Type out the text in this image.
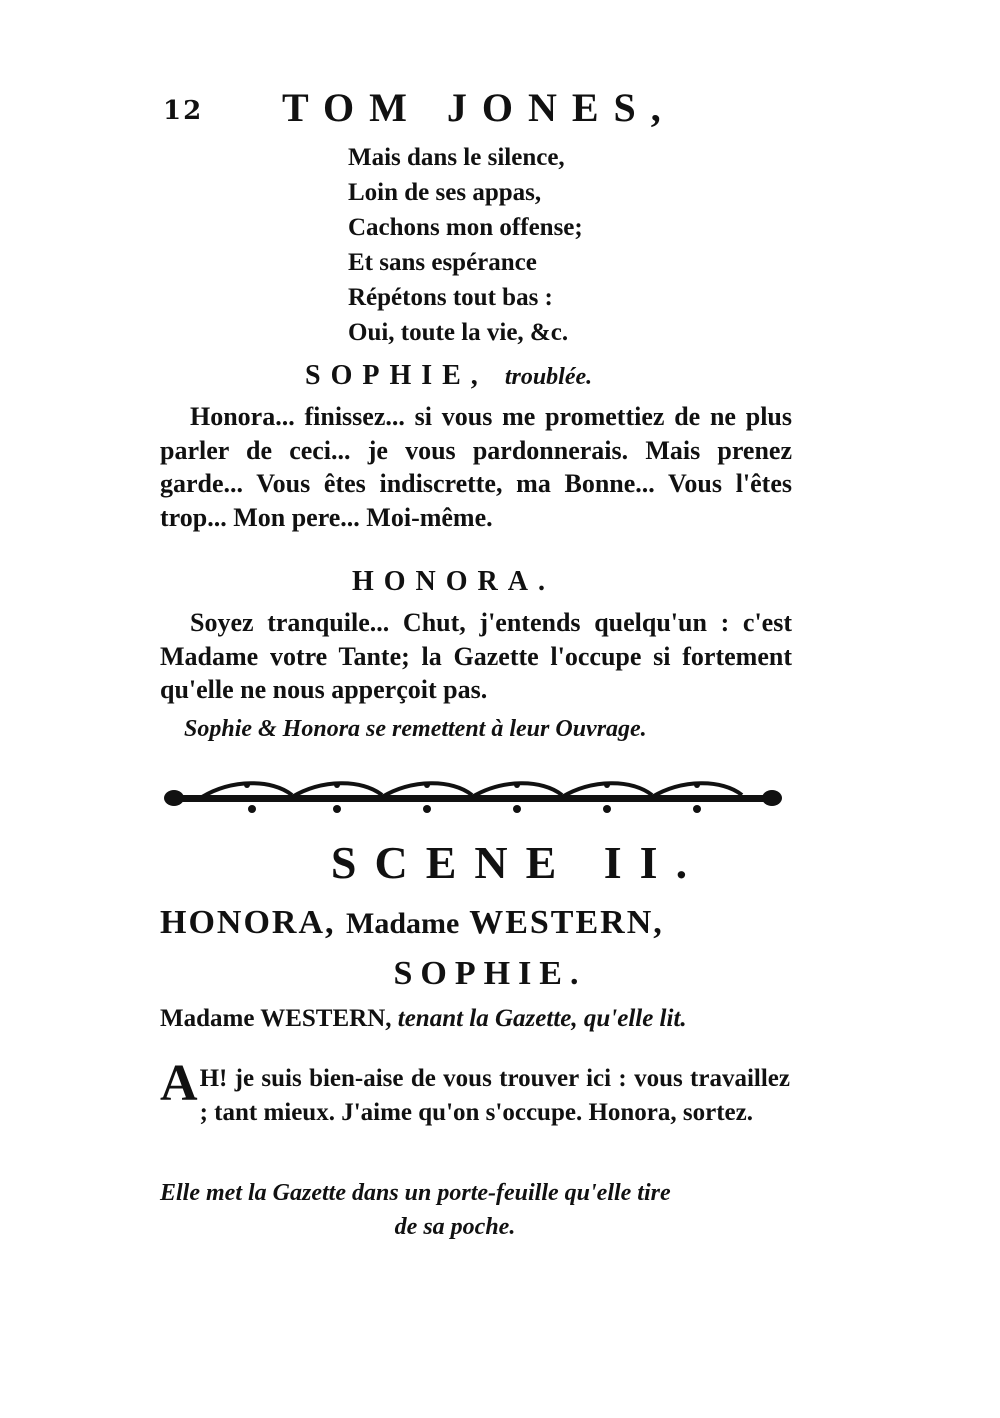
12 TOM JONES,
Mais dans le silence,
Loin de ses appas,
Cachons mon offense;
Et sans espérance
Répétons tout bas :
Oui, toute la vie, &c.
SOPHIE, troublée.
Honora... finissez... si vous me promettiez de ne plus parler de ceci... je vous pardonnerais. Mais prenez garde... Vous êtes indiscrette, ma Bonne... Vous l'êtes trop... Mon pere... Moi-même.
HONORA.
Soyez tranquile... Chut, j'entends quelqu'un : c'est Madame votre Tante; la Gazette l'occupe si fortement qu'elle ne nous apperçoit pas.
Sophie & Honora se remettent à leur Ouvrage.
SCENE II.
HONORA, Madame WESTERN,
SOPHIE.
Madame WESTERN, tenant la Gazette, qu'elle lit.
A H! je suis bien-aise de vous trouver ici : vous travaillez ; tant mieux. J'aime qu'on s'occupe. Honora, sortez.
Elle met la Gazette dans un porte-feuille qu'elle tire
de sa poche.
